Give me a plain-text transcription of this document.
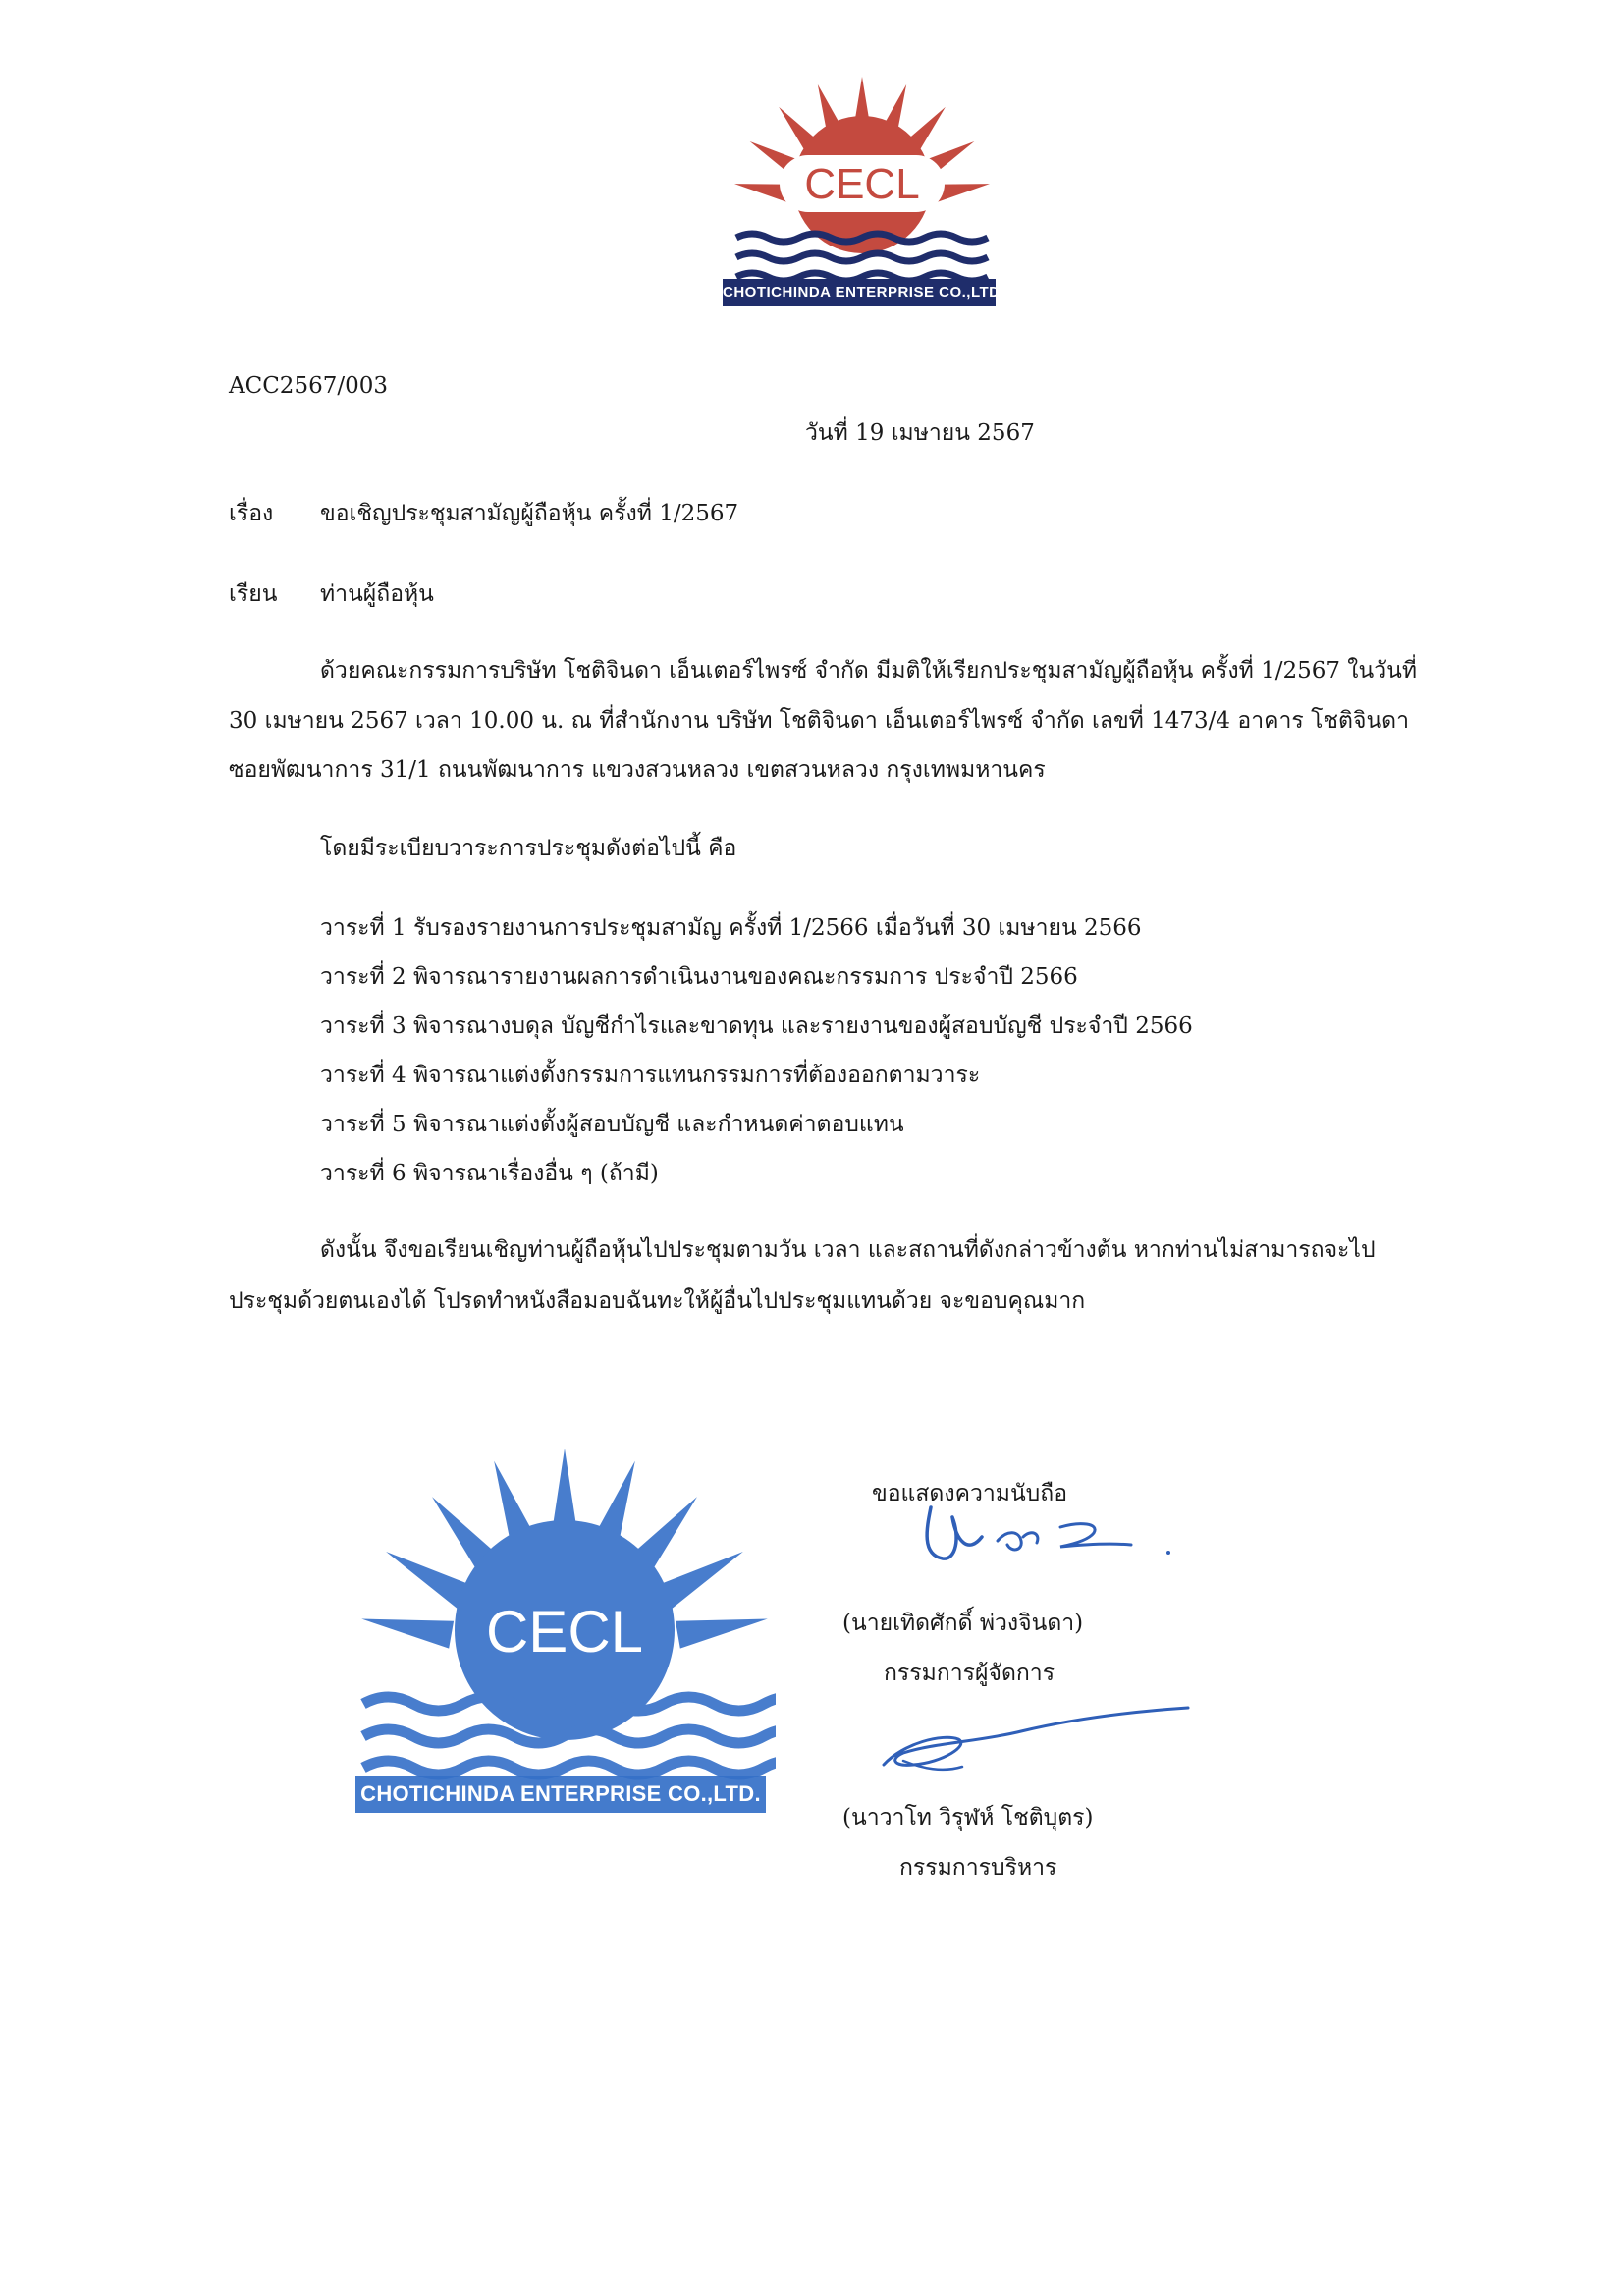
CECL
CHOTICHINDA ENTERPRISE CO.,LTD.
ACC2567/003
วันที่ 19 เมษายน 2567
เรื่อง ขอเชิญประชุมสามัญผู้ถือหุ้น ครั้งที่ 1/2567
เรียน ท่านผู้ถือหุ้น
ด้วยคณะกรรมการบริษัท โชติจินดา เอ็นเตอร์ไพรซ์ จำกัด มีมติให้เรียกประชุมสามัญผู้ถือหุ้น ครั้งที่ 1/2567 ในวันที่
30 เมษายน 2567 เวลา 10.00 น. ณ ที่สำนักงาน บริษัท โชติจินดา เอ็นเตอร์ไพรซ์ จำกัด เลขที่ 1473/4 อาคาร โชติจินดา
ซอยพัฒนาการ 31/1 ถนนพัฒนาการ แขวงสวนหลวง เขตสวนหลวง กรุงเทพมหานคร
โดยมีระเบียบวาระการประชุมดังต่อไปนี้ คือ
วาระที่ 1 รับรองรายงานการประชุมสามัญ ครั้งที่ 1/2566 เมื่อวันที่ 30 เมษายน 2566
วาระที่ 2 พิจารณารายงานผลการดำเนินงานของคณะกรรมการ ประจำปี 2566
วาระที่ 3 พิจารณางบดุล บัญชีกำไรและขาดทุน และรายงานของผู้สอบบัญชี ประจำปี 2566
วาระที่ 4 พิจารณาแต่งตั้งกรรมการแทนกรรมการที่ต้องออกตามวาระ
วาระที่ 5 พิจารณาแต่งตั้งผู้สอบบัญชี และกำหนดค่าตอบแทน
วาระที่ 6 พิจารณาเรื่องอื่น ๆ (ถ้ามี)
ดังนั้น จึงขอเรียนเชิญท่านผู้ถือหุ้นไปประชุมตามวัน เวลา และสถานที่ดังกล่าวข้างต้น หากท่านไม่สามารถจะไป
ประชุมด้วยตนเองได้ โปรดทำหนังสือมอบฉันทะให้ผู้อื่นไปประชุมแทนด้วย จะขอบคุณมาก
CECL
CHOTICHINDA ENTERPRISE CO.,LTD.
ขอแสดงความนับถือ
(นายเทิดศักดิ์ พ่วงจินดา)
กรรมการผู้จัดการ
(นาวาโท วิรุฬห์ โชติบุตร)
กรรมการบริหาร
